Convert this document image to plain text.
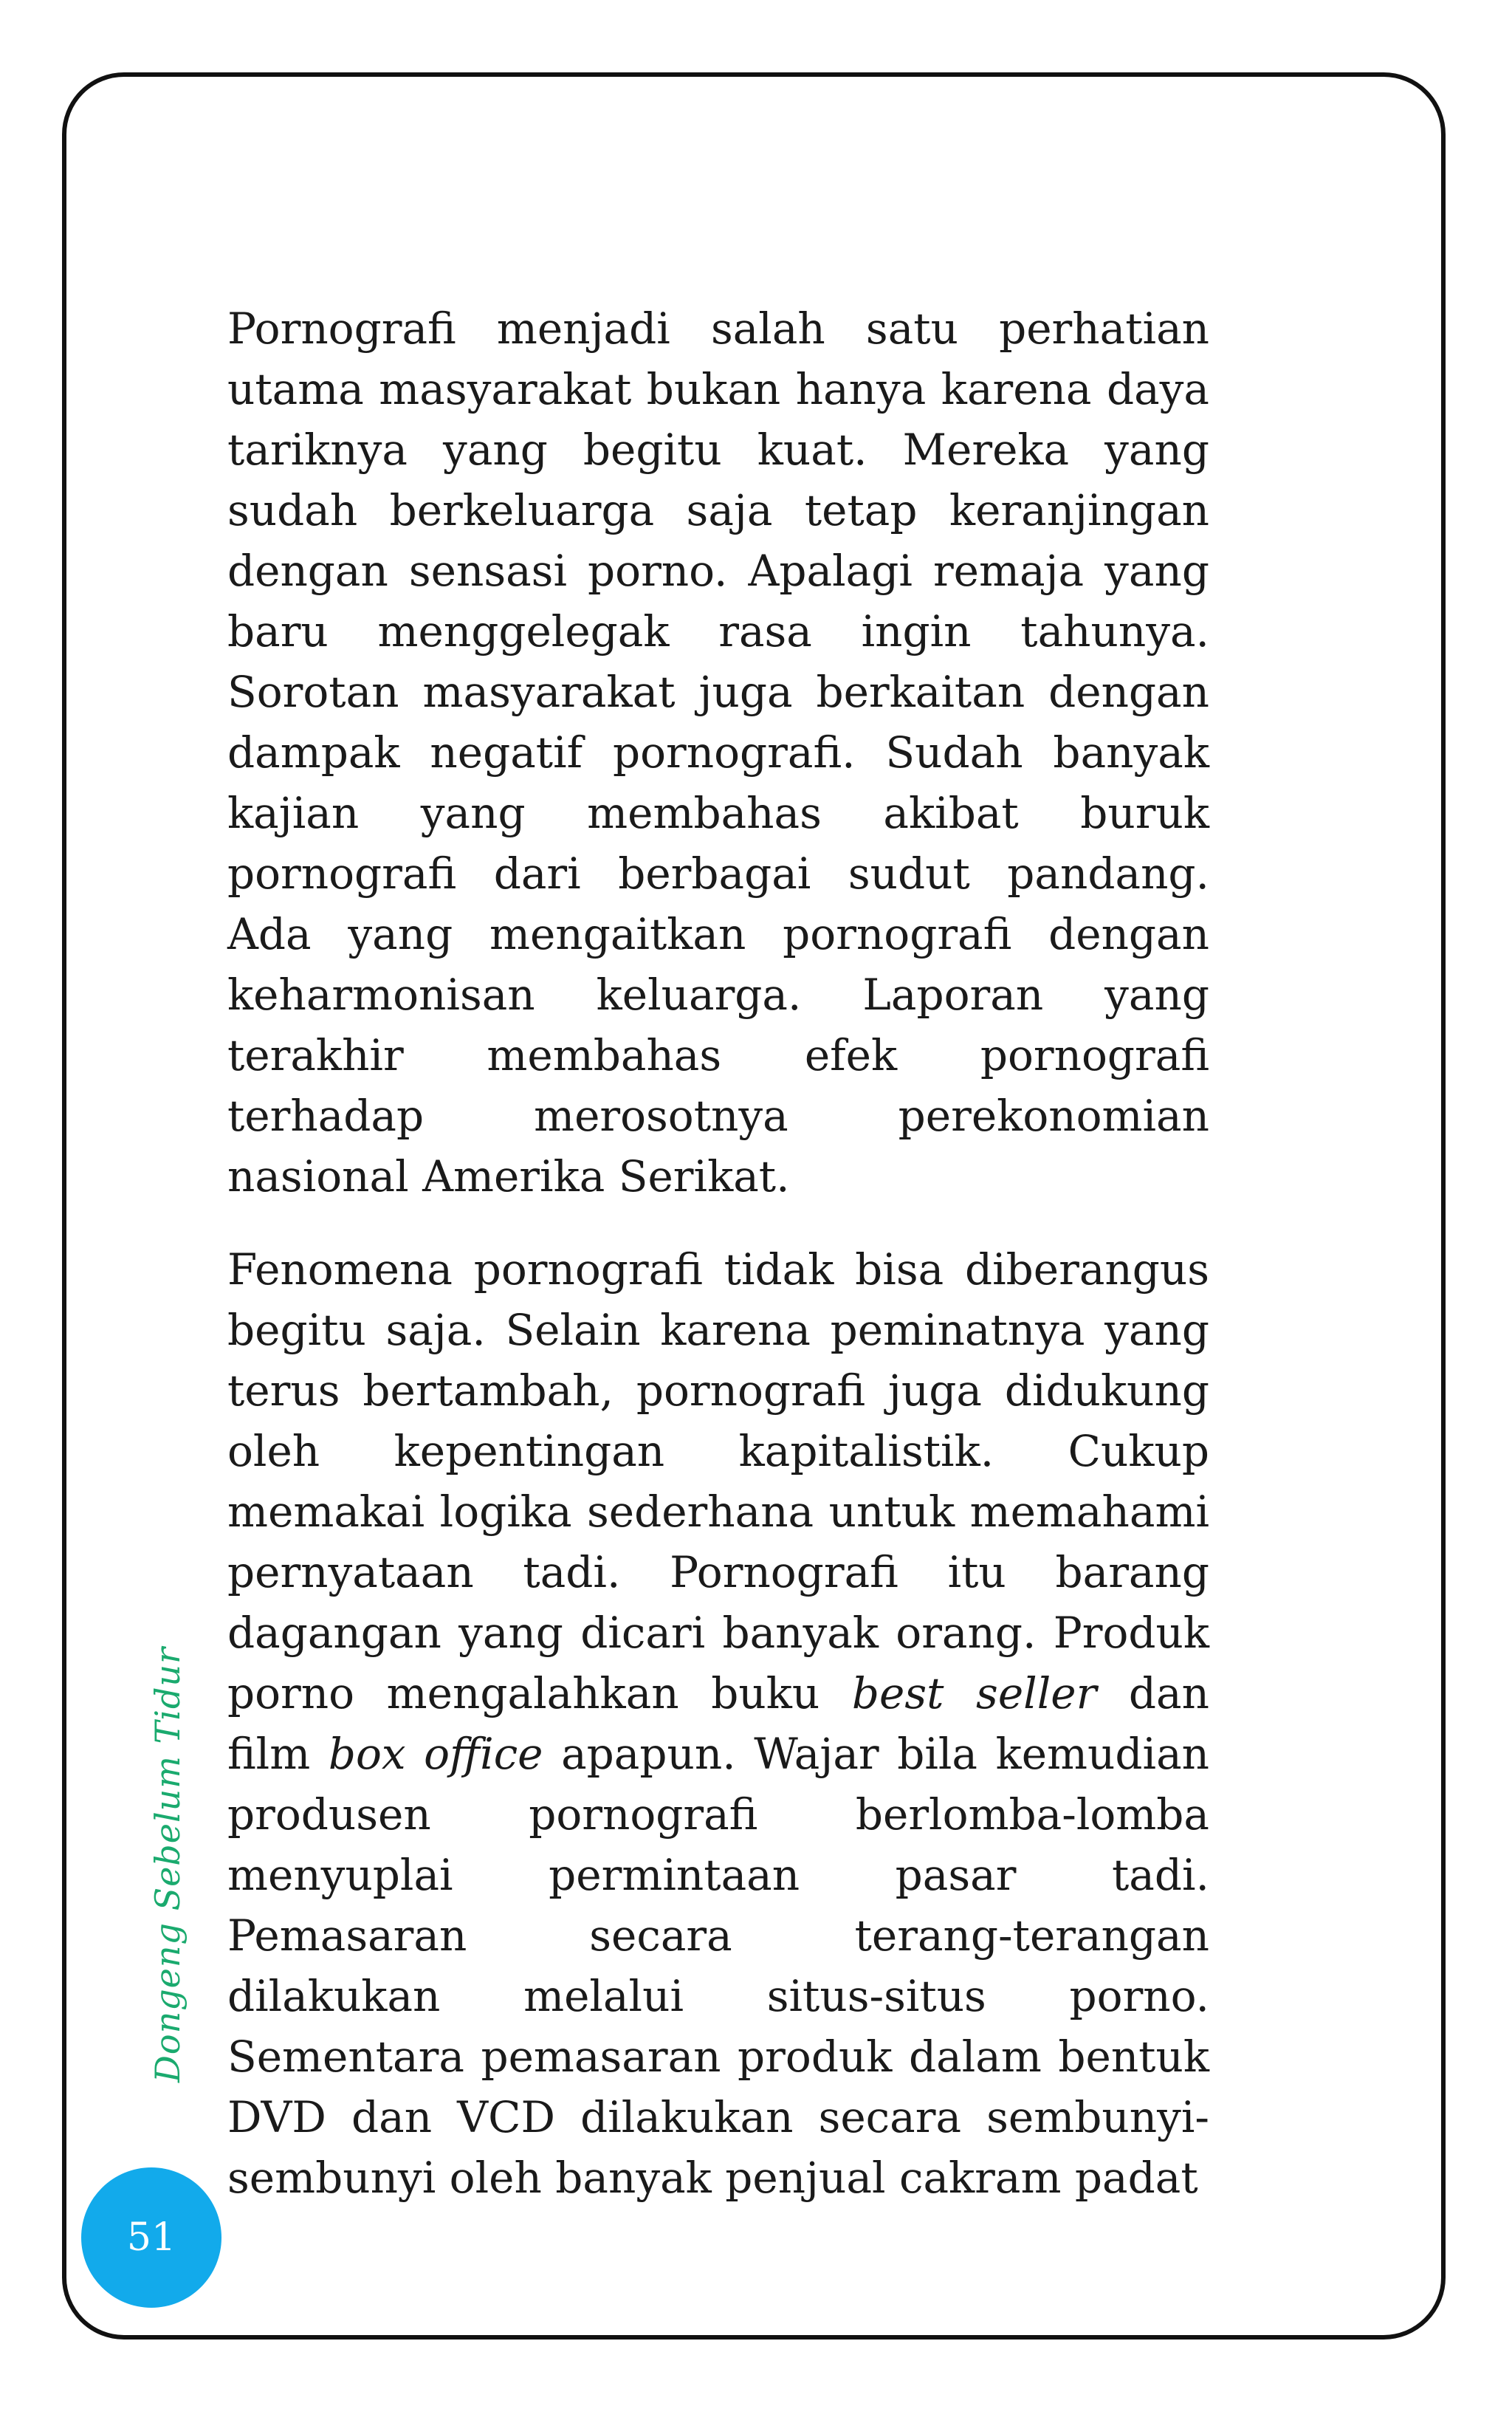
Pornografi menjadi salah satu perhatian utama masyarakat bukan hanya karena daya tariknya yang begitu kuat. Mereka yang sudah berkeluarga saja tetap keranjingan dengan sensasi porno. Apalagi remaja yang baru menggelegak rasa ingin tahunya. Sorotan masyarakat juga berkaitan dengan dampak negatif pornografi. Sudah banyak kajian yang membahas akibat buruk pornografi dari berbagai sudut pandang. Ada yang mengaitkan pornografi dengan keharmonisan keluarga. Laporan yang terakhir membahas efek pornografi terhadap merosotnya perekonomian nasional Amerika Serikat.

Fenomena pornografi tidak bisa diberangus begitu saja. Selain karena peminatnya yang terus bertambah, pornografi juga didukung oleh kepentingan kapitalistik. Cukup memakai logika sederhana untuk memahami pernyataan tadi. Pornografi itu barang dagangan yang dicari banyak orang. Produk porno mengalahkan buku best seller dan film box office apapun. Wajar bila kemudian produsen pornografi berlomba-lomba menyuplai permintaan pasar tadi. Pemasaran secara terang-terangan dilakukan melalui situs-situs porno. Sementara pemasaran produk dalam bentuk DVD dan VCD dilakukan secara sembunyi-sembunyi oleh banyak penjual cakram padat

Dongeng Sebelum Tidur
51
